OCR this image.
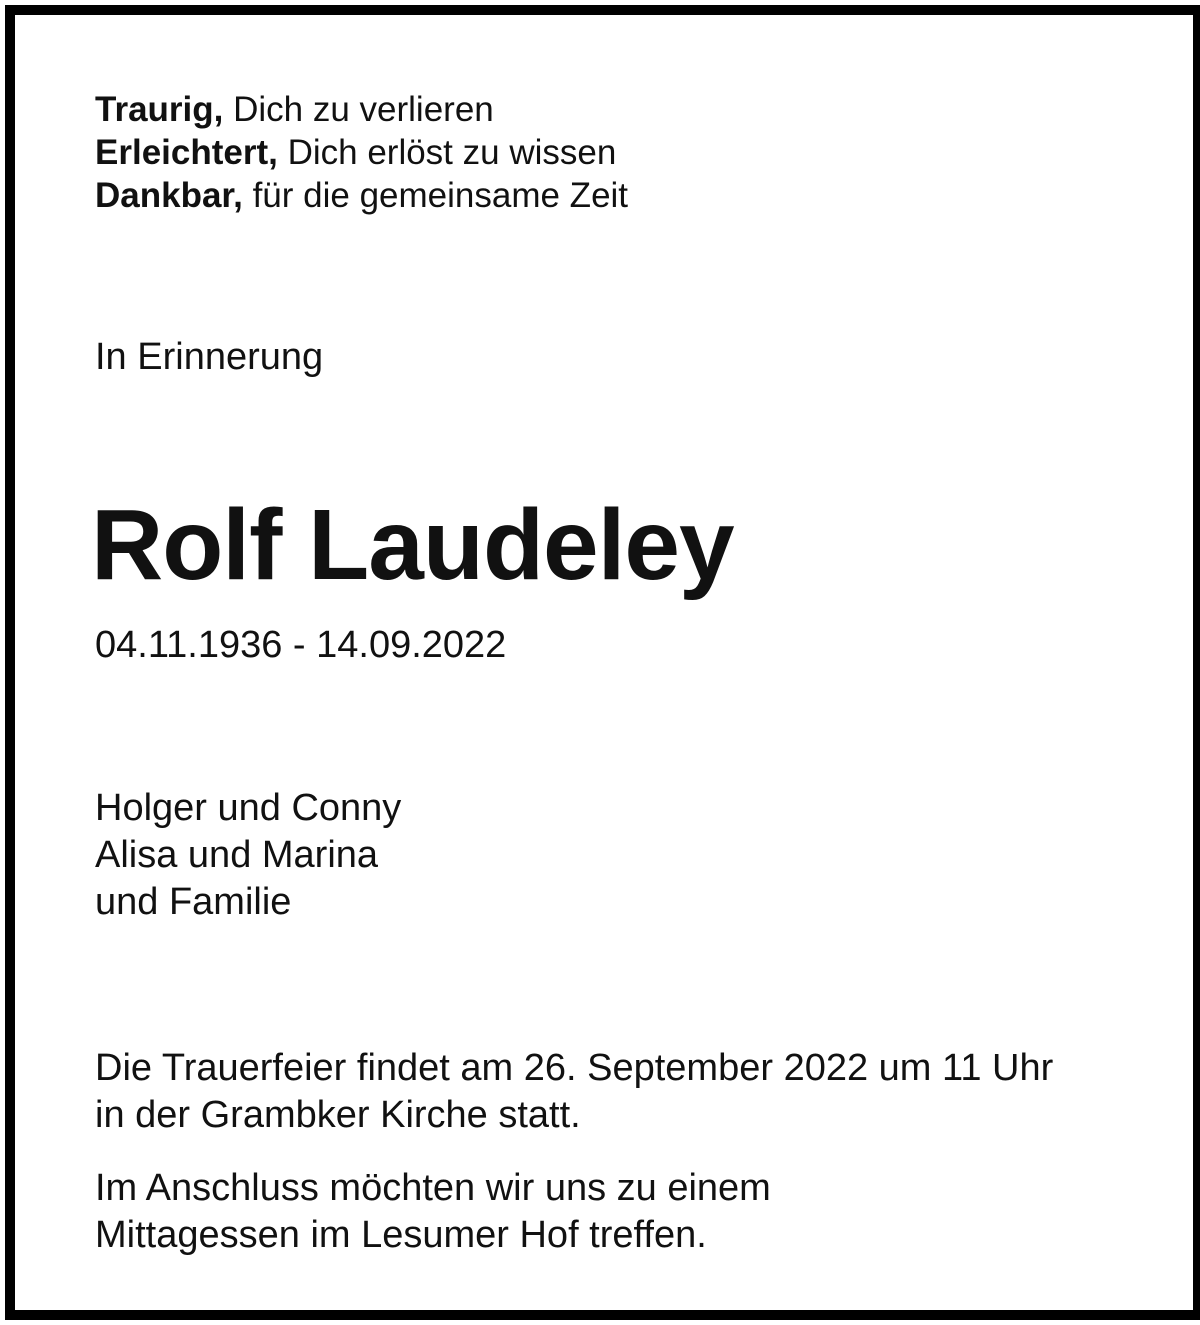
Traurig, Dich zu verlieren
Erleichtert, Dich erlöst zu wissen
Dankbar, für die gemeinsame Zeit
In Erinnerung
Rolf Laudeley
04.11.1936 - 14.09.2022
Holger und Conny
Alisa und Marina
und Familie
Die Trauerfeier findet am 26. September 2022 um 11 Uhr
in der Grambker Kirche statt.
Im Anschluss möchten wir uns zu einem
Mittagessen im Lesumer Hof treffen.
